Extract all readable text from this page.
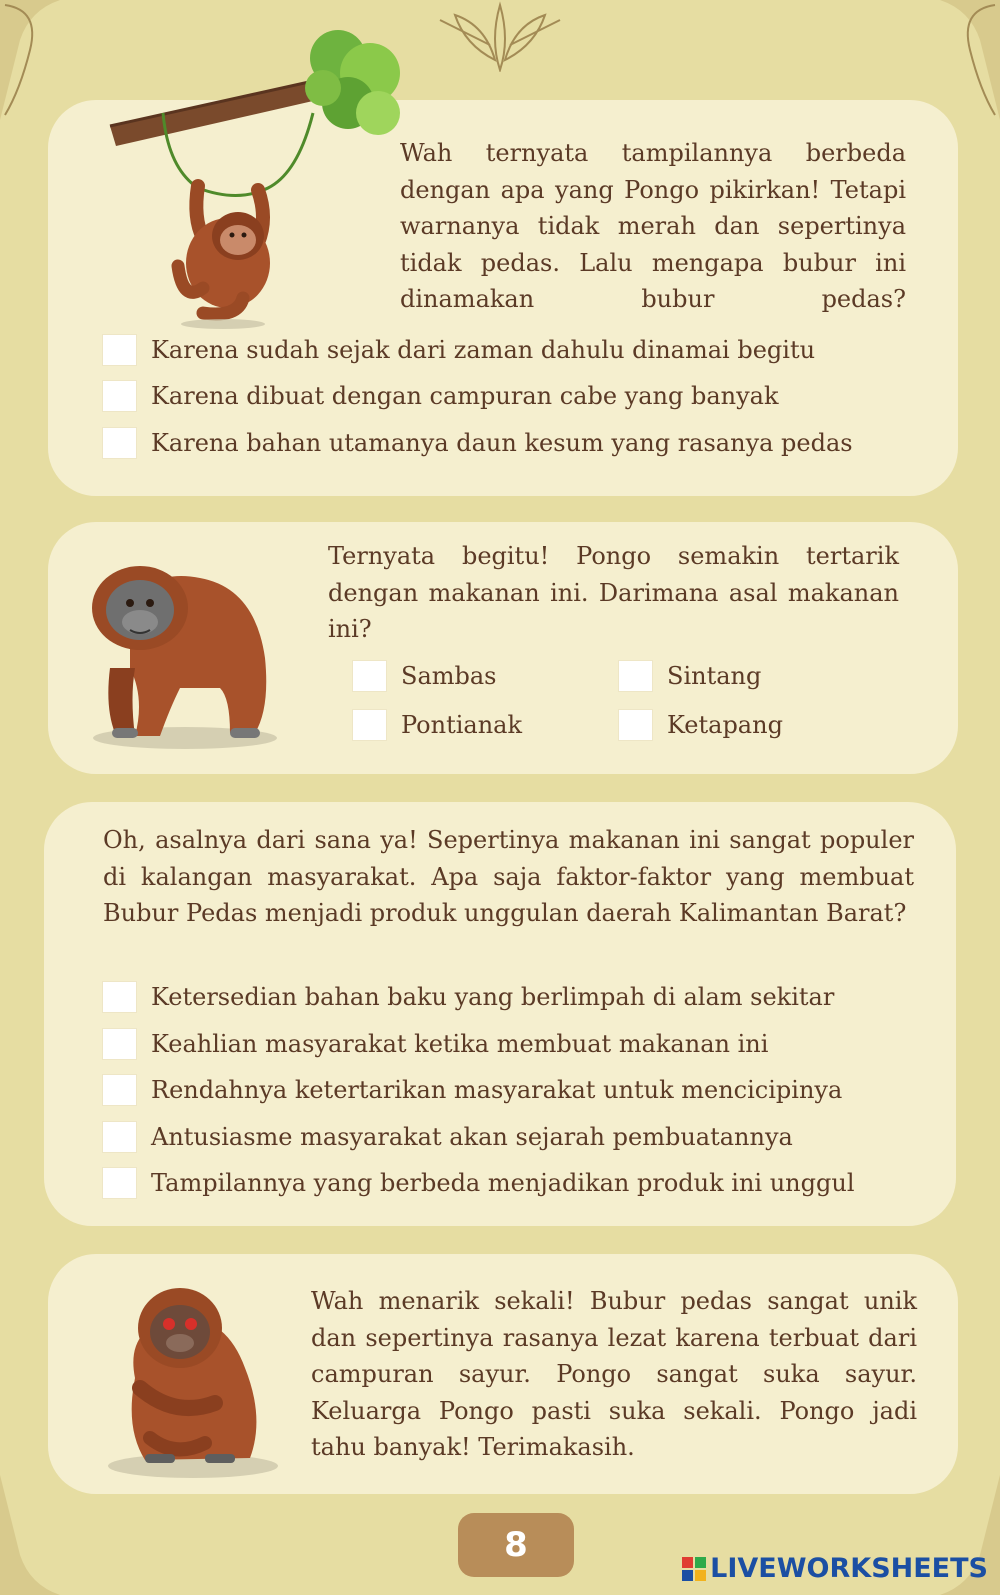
Wah ternyata tampilannya berbeda dengan apa yang Pongo pikirkan! Tetapi warnanya tidak merah dan sepertinya tidak pedas. Lalu mengapa bubur ini dinamakan bubur pedas?
Karena sudah sejak dari zaman dahulu dinamai begitu
Karena dibuat dengan campuran cabe yang banyak
Karena bahan utamanya daun kesum yang rasanya pedas
Ternyata begitu! Pongo semakin tertarik dengan makanan ini. Darimana asal makanan ini?
Sambas	Sintang
Pontianak	Ketapang
Oh, asalnya dari sana ya! Sepertinya makanan ini sangat populer di kalangan masyarakat. Apa saja faktor-faktor yang membuat Bubur Pedas menjadi produk unggulan daerah Kalimantan Barat?
Ketersedian bahan baku yang berlimpah di alam sekitar
Keahlian masyarakat ketika membuat makanan ini
Rendahnya ketertarikan masyarakat untuk mencicipinya
Antusiasme masyarakat akan sejarah pembuatannya
Tampilannya yang berbeda menjadikan produk ini unggul
Wah menarik sekali! Bubur pedas sangat unik dan sepertinya rasanya lezat karena terbuat dari campuran sayur. Pongo sangat suka sayur. Keluarga Pongo pasti suka sekali. Pongo jadi tahu banyak! Terimakasih.
8
LIVEWORKSHEETS
